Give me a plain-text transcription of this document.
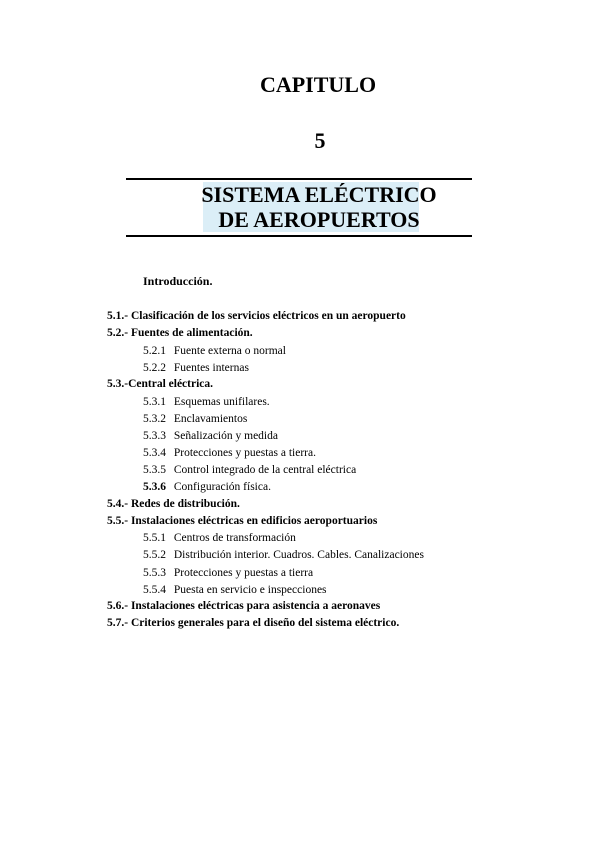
CAPITULO
5
SISTEMA ELÉCTRICO
DE AEROPUERTOS
Introducción.
5.1.- Clasificación de los servicios eléctricos en un aeropuerto
5.2.- Fuentes de alimentación.
5.2.1 Fuente externa o normal
5.2.2 Fuentes internas
5.3.-Central eléctrica.
5.3.1 Esquemas unifilares.
5.3.2 Enclavamientos
5.3.3 Señalización y medida
5.3.4 Protecciones y puestas a tierra.
5.3.5 Control integrado de la central eléctrica
5.3.6 Configuración física.
5.4.- Redes de distribución.
5.5.- Instalaciones eléctricas en edificios aeroportuarios
5.5.1 Centros de transformación
5.5.2 Distribución interior. Cuadros. Cables. Canalizaciones
5.5.3 Protecciones y puestas a tierra
5.5.4 Puesta en servicio e inspecciones
5.6.- Instalaciones eléctricas para asistencia a aeronaves
5.7.- Criterios generales para el diseño del sistema eléctrico.
